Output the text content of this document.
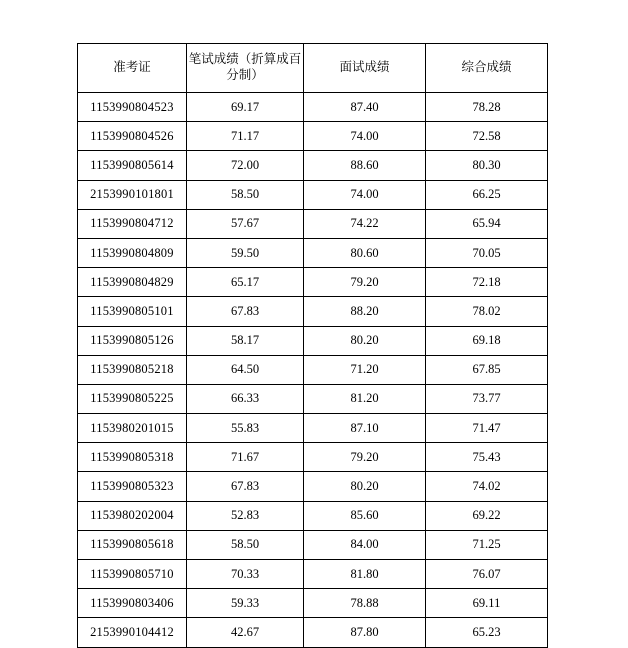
准考证	笔试成绩（折算成百分制）	面试成绩	综合成绩
1153990804523	69.17	87.40	78.28
1153990804526	71.17	74.00	72.58
1153990805614	72.00	88.60	80.30
2153990101801	58.50	74.00	66.25
1153990804712	57.67	74.22	65.94
1153990804809	59.50	80.60	70.05
1153990804829	65.17	79.20	72.18
1153990805101	67.83	88.20	78.02
1153990805126	58.17	80.20	69.18
1153990805218	64.50	71.20	67.85
1153990805225	66.33	81.20	73.77
1153980201015	55.83	87.10	71.47
1153990805318	71.67	79.20	75.43
1153990805323	67.83	80.20	74.02
1153980202004	52.83	85.60	69.22
1153990805618	58.50	84.00	71.25
1153990805710	70.33	81.80	76.07
1153990803406	59.33	78.88	69.11
2153990104412	42.67	87.80	65.23
